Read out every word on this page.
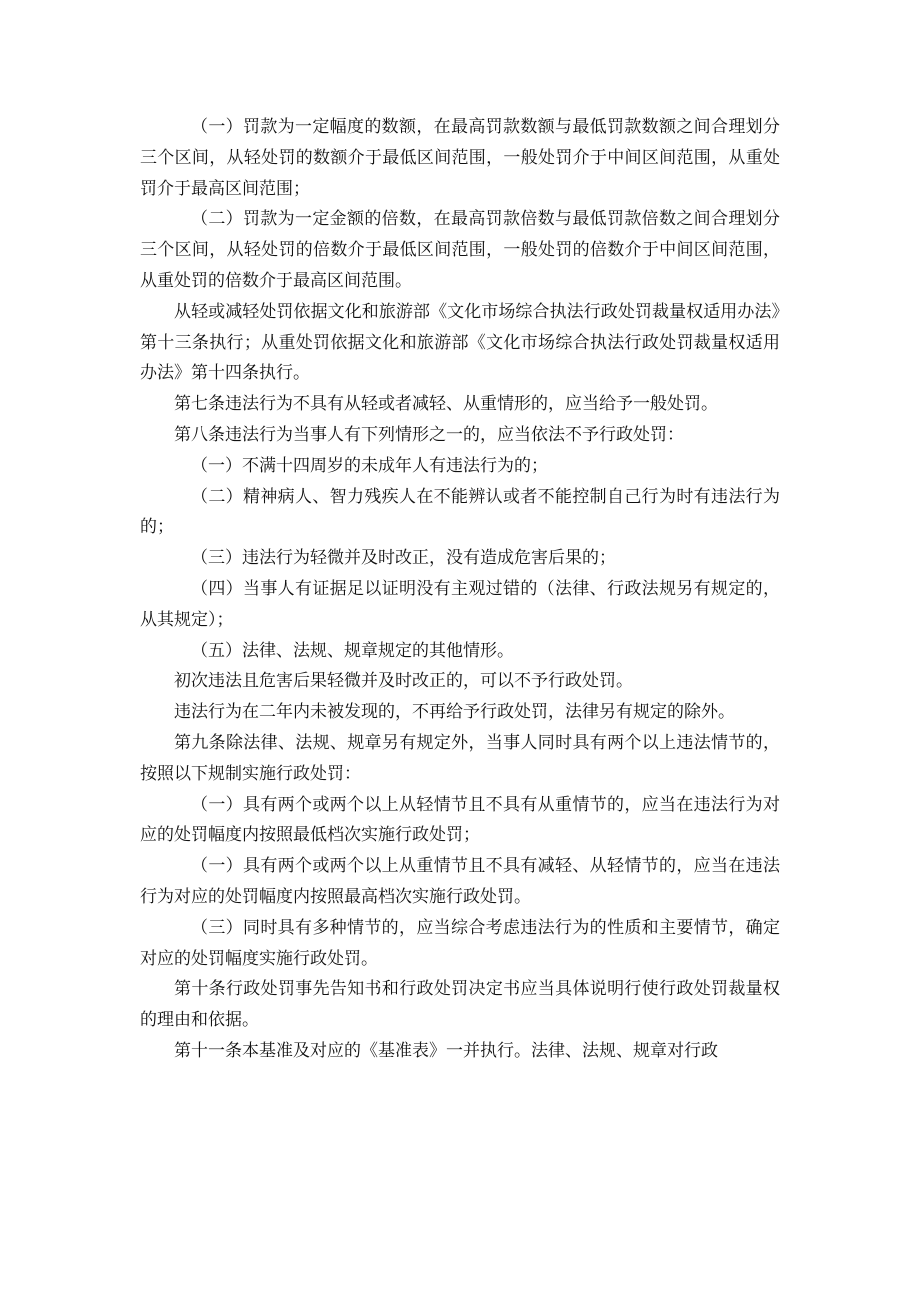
（一）罚款为一定幅度的数额，在最高罚款数额与最低罚款数额之间合理划分三个区间，从轻处罚的数额介于最低区间范围，一般处罚介于中间区间范围，从重处罚介于最高区间范围；

（二）罚款为一定金额的倍数，在最高罚款倍数与最低罚款倍数之间合理划分三个区间，从轻处罚的倍数介于最低区间范围，一般处罚的倍数介于中间区间范围，从重处罚的倍数介于最高区间范围。

从轻或减轻处罚依据文化和旅游部《文化市场综合执法行政处罚裁量权适用办法》第十三条执行；从重处罚依据文化和旅游部《文化市场综合执法行政处罚裁量权适用办法》第十四条执行。

第七条违法行为不具有从轻或者减轻、从重情形的，应当给予一般处罚。

第八条违法行为当事人有下列情形之一的，应当依法不予行政处罚：

（一）不满十四周岁的未成年人有违法行为的；

（二）精神病人、智力残疾人在不能辨认或者不能控制自己行为时有违法行为的；

（三）违法行为轻微并及时改正，没有造成危害后果的；

（四）当事人有证据足以证明没有主观过错的（法律、行政法规另有规定的，从其规定）；

（五）法律、法规、规章规定的其他情形。

初次违法且危害后果轻微并及时改正的，可以不予行政处罚。

违法行为在二年内未被发现的，不再给予行政处罚，法律另有规定的除外。

第九条除法律、法规、规章另有规定外，当事人同时具有两个以上违法情节的，按照以下规制实施行政处罚：

（一）具有两个或两个以上从轻情节且不具有从重情节的，应当在违法行为对应的处罚幅度内按照最低档次实施行政处罚；

（一）具有两个或两个以上从重情节且不具有减轻、从轻情节的，应当在违法行为对应的处罚幅度内按照最高档次实施行政处罚。

（三）同时具有多种情节的，应当综合考虑违法行为的性质和主要情节，确定对应的处罚幅度实施行政处罚。

第十条行政处罚事先告知书和行政处罚决定书应当具体说明行使行政处罚裁量权的理由和依据。

第十一条本基准及对应的《基准表》一并执行。法律、法规、规章对行政
